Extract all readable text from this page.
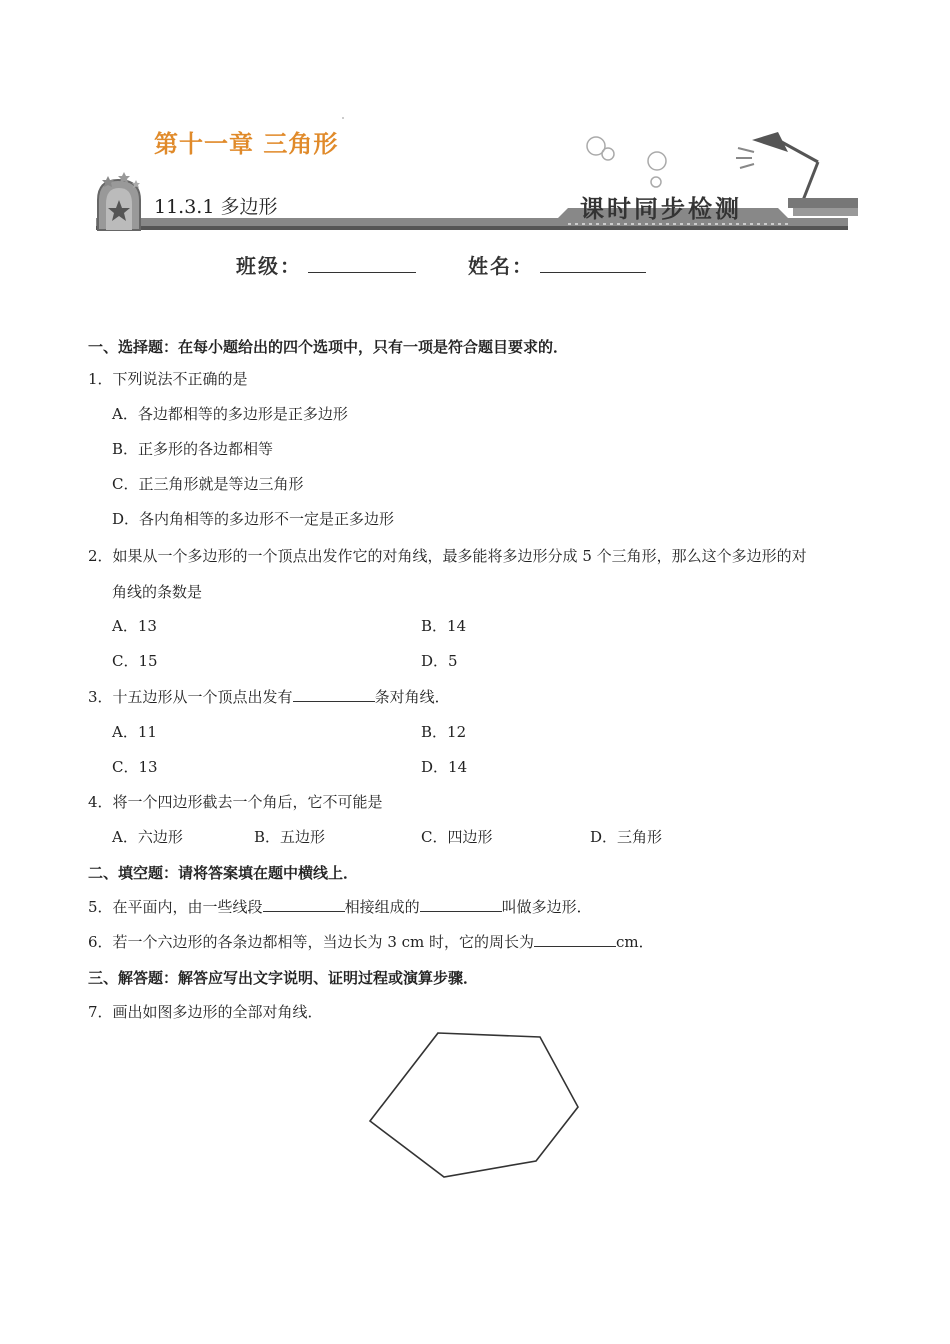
第十一章 三角形
11.3.1 多边形	课时同步检测
班级：	姓名：
一、选择题：在每小题给出的四个选项中，只有一项是符合题目要求的．
1．下列说法不正确的是
A．各边都相等的多边形是正多边形
B．正多形的各边都相等
C．正三角形就是等边三角形
D．各内角相等的多边形不一定是正多边形
2．如果从一个多边形的一个顶点出发作它的对角线，最多能将多边形分成 5 个三角形，那么这个多边形的对
角线的条数是
A．13	B．14
C．15	D．5
3．十五边形从一个顶点出发有	条对角线．
A．11	B．12
C．13	D．14
4．将一个四边形截去一个角后，它不可能是
A．六边形	B．五边形	C．四边形	D．三角形
二、填空题：请将答案填在题中横线上．
5．在平面内，由一些线段	相接组成的	叫做多边形．
6．若一个六边形的各条边都相等，当边长为 3 cm 时，它的周长为	cm．
三、解答题：解答应写出文字说明、证明过程或演算步骤．
7．画出如图多边形的全部对角线．
